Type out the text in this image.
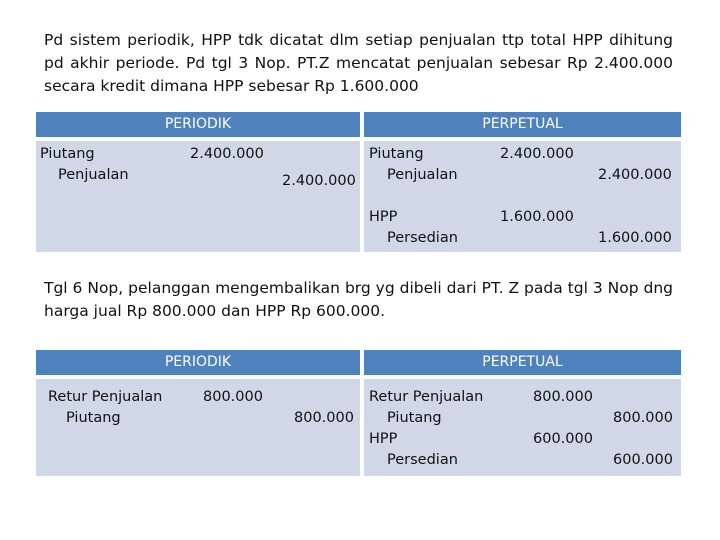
Pd sistem periodik, HPP tdk dicatat dlm setiap penjualan ttp total HPP dihitung pd akhir periode. Pd tgl 3 Nop. PT.Z mencatat penjualan sebesar Rp 2.400.000 secara kredit dimana HPP sebesar Rp 1.600.000

PERIODIK	PERPETUAL
Piutang
Penjualan
2.400.000
2.400.000
Piutang
Penjualan
2.400.000
2.400.000
HPP
Persedian
1.600.000
1.600.000

Tgl 6 Nop, pelanggan mengembalikan brg yg dibeli dari PT. Z pada tgl 3 Nop dng harga jual Rp 800.000 dan HPP Rp 600.000.

PERIODIK	PERPETUAL
Retur Penjualan
Piutang
800.000
800.000
Retur Penjualan
Piutang
800.000
800.000
HPP
Persedian
600.000
600.000
